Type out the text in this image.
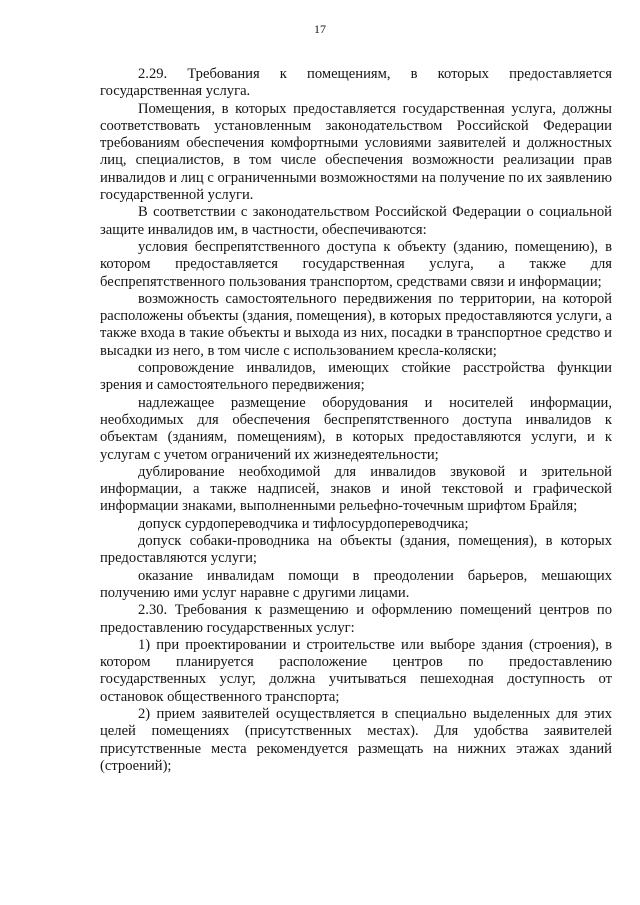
17

2.29. Требования к помещениям, в которых предоставляется государственная услуга.

Помещения, в которых предоставляется государственная услуга, должны соответствовать установленным законодательством Российской Федерации требованиям обеспечения комфортными условиями заявителей и должностных лиц, специалистов, в том числе обеспечения возможности реализации прав инвалидов и лиц с ограниченными возможностями на получение по их заявлению государственной услуги.

В соответствии с законодательством Российской Федерации о социальной защите инвалидов им, в частности, обеспечиваются:

условия беспрепятственного доступа к объекту (зданию, помещению), в котором предоставляется государственная услуга, а также для беспрепятственного пользования транспортом, средствами связи и информации;

возможность самостоятельного передвижения по территории, на которой расположены объекты (здания, помещения), в которых предоставляются услуги, а также входа в такие объекты и выхода из них, посадки в транспортное средство и высадки из него, в том числе с использованием кресла-коляски;

сопровождение инвалидов, имеющих стойкие расстройства функции зрения и самостоятельного передвижения;

надлежащее размещение оборудования и носителей информации, необходимых для обеспечения беспрепятственного доступа инвалидов к объектам (зданиям, помещениям), в которых предоставляются услуги, и к услугам с учетом ограничений их жизнедеятельности;

дублирование необходимой для инвалидов звуковой и зрительной информации, а также надписей, знаков и иной текстовой и графической информации знаками, выполненными рельефно-точечным шрифтом Брайля;

допуск сурдопереводчика и тифлосурдопереводчика;

допуск собаки-проводника на объекты (здания, помещения), в которых предоставляются услуги;

оказание инвалидам помощи в преодолении барьеров, мешающих получению ими услуг наравне с другими лицами.

2.30. Требования к размещению и оформлению помещений центров по предоставлению государственных услуг:

1) при проектировании и строительстве или выборе здания (строения), в котором планируется расположение центров по предоставлению государственных услуг, должна учитываться пешеходная доступность от остановок общественного транспорта;

2) прием заявителей осуществляется в специально выделенных для этих целей помещениях (присутственных местах). Для удобства заявителей присутственные места рекомендуется размещать на нижних этажах зданий (строений);
